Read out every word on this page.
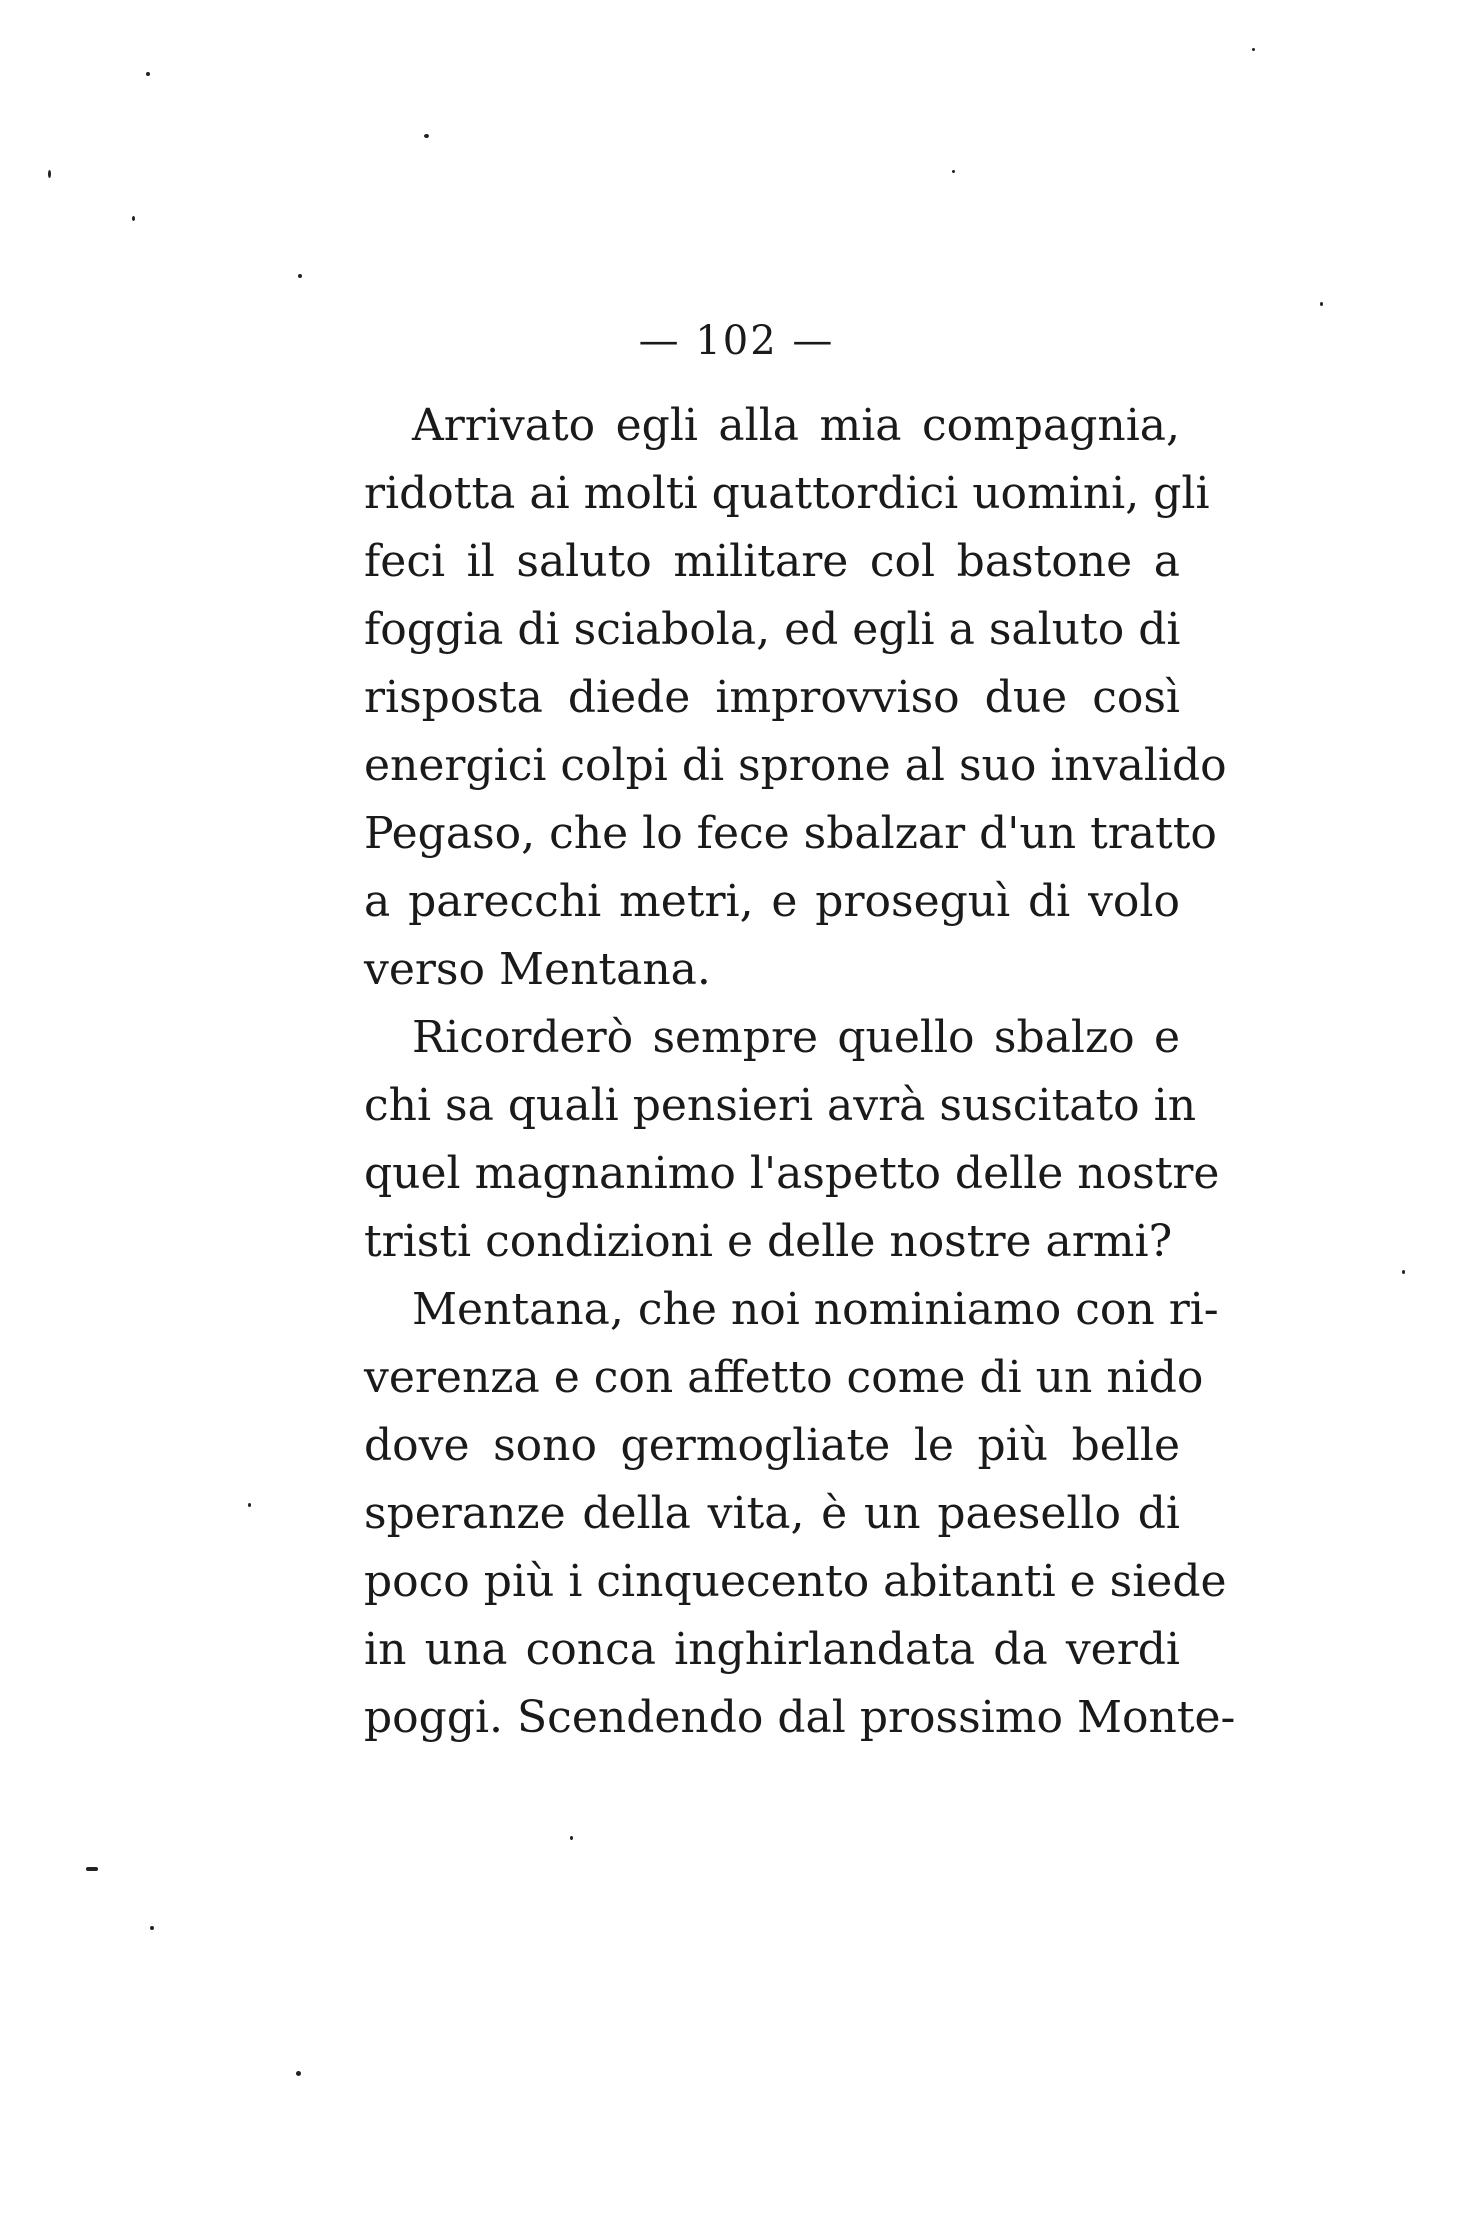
— 102 —
Arrivato egli alla mia compagnia,
ridotta ai molti quattordici uomini, gli
feci il saluto militare col bastone a
foggia di sciabola, ed egli a saluto di
risposta diede improvviso due così
energici colpi di sprone al suo invalido
Pegaso, che lo fece sbalzar d'un tratto
a parecchi metri, e proseguì di volo
verso Mentana.
Ricorderò sempre quello sbalzo e
chi sa quali pensieri avrà suscitato in
quel magnanimo l'aspetto delle nostre
tristi condizioni e delle nostre armi?
Mentana, che noi nominiamo con ri-
verenza e con affetto come di un nido
dove sono germogliate le più belle
speranze della vita, è un paesello di
poco più i cinquecento abitanti e siede
in una conca inghirlandata da verdi
poggi. Scendendo dal prossimo Monte-
